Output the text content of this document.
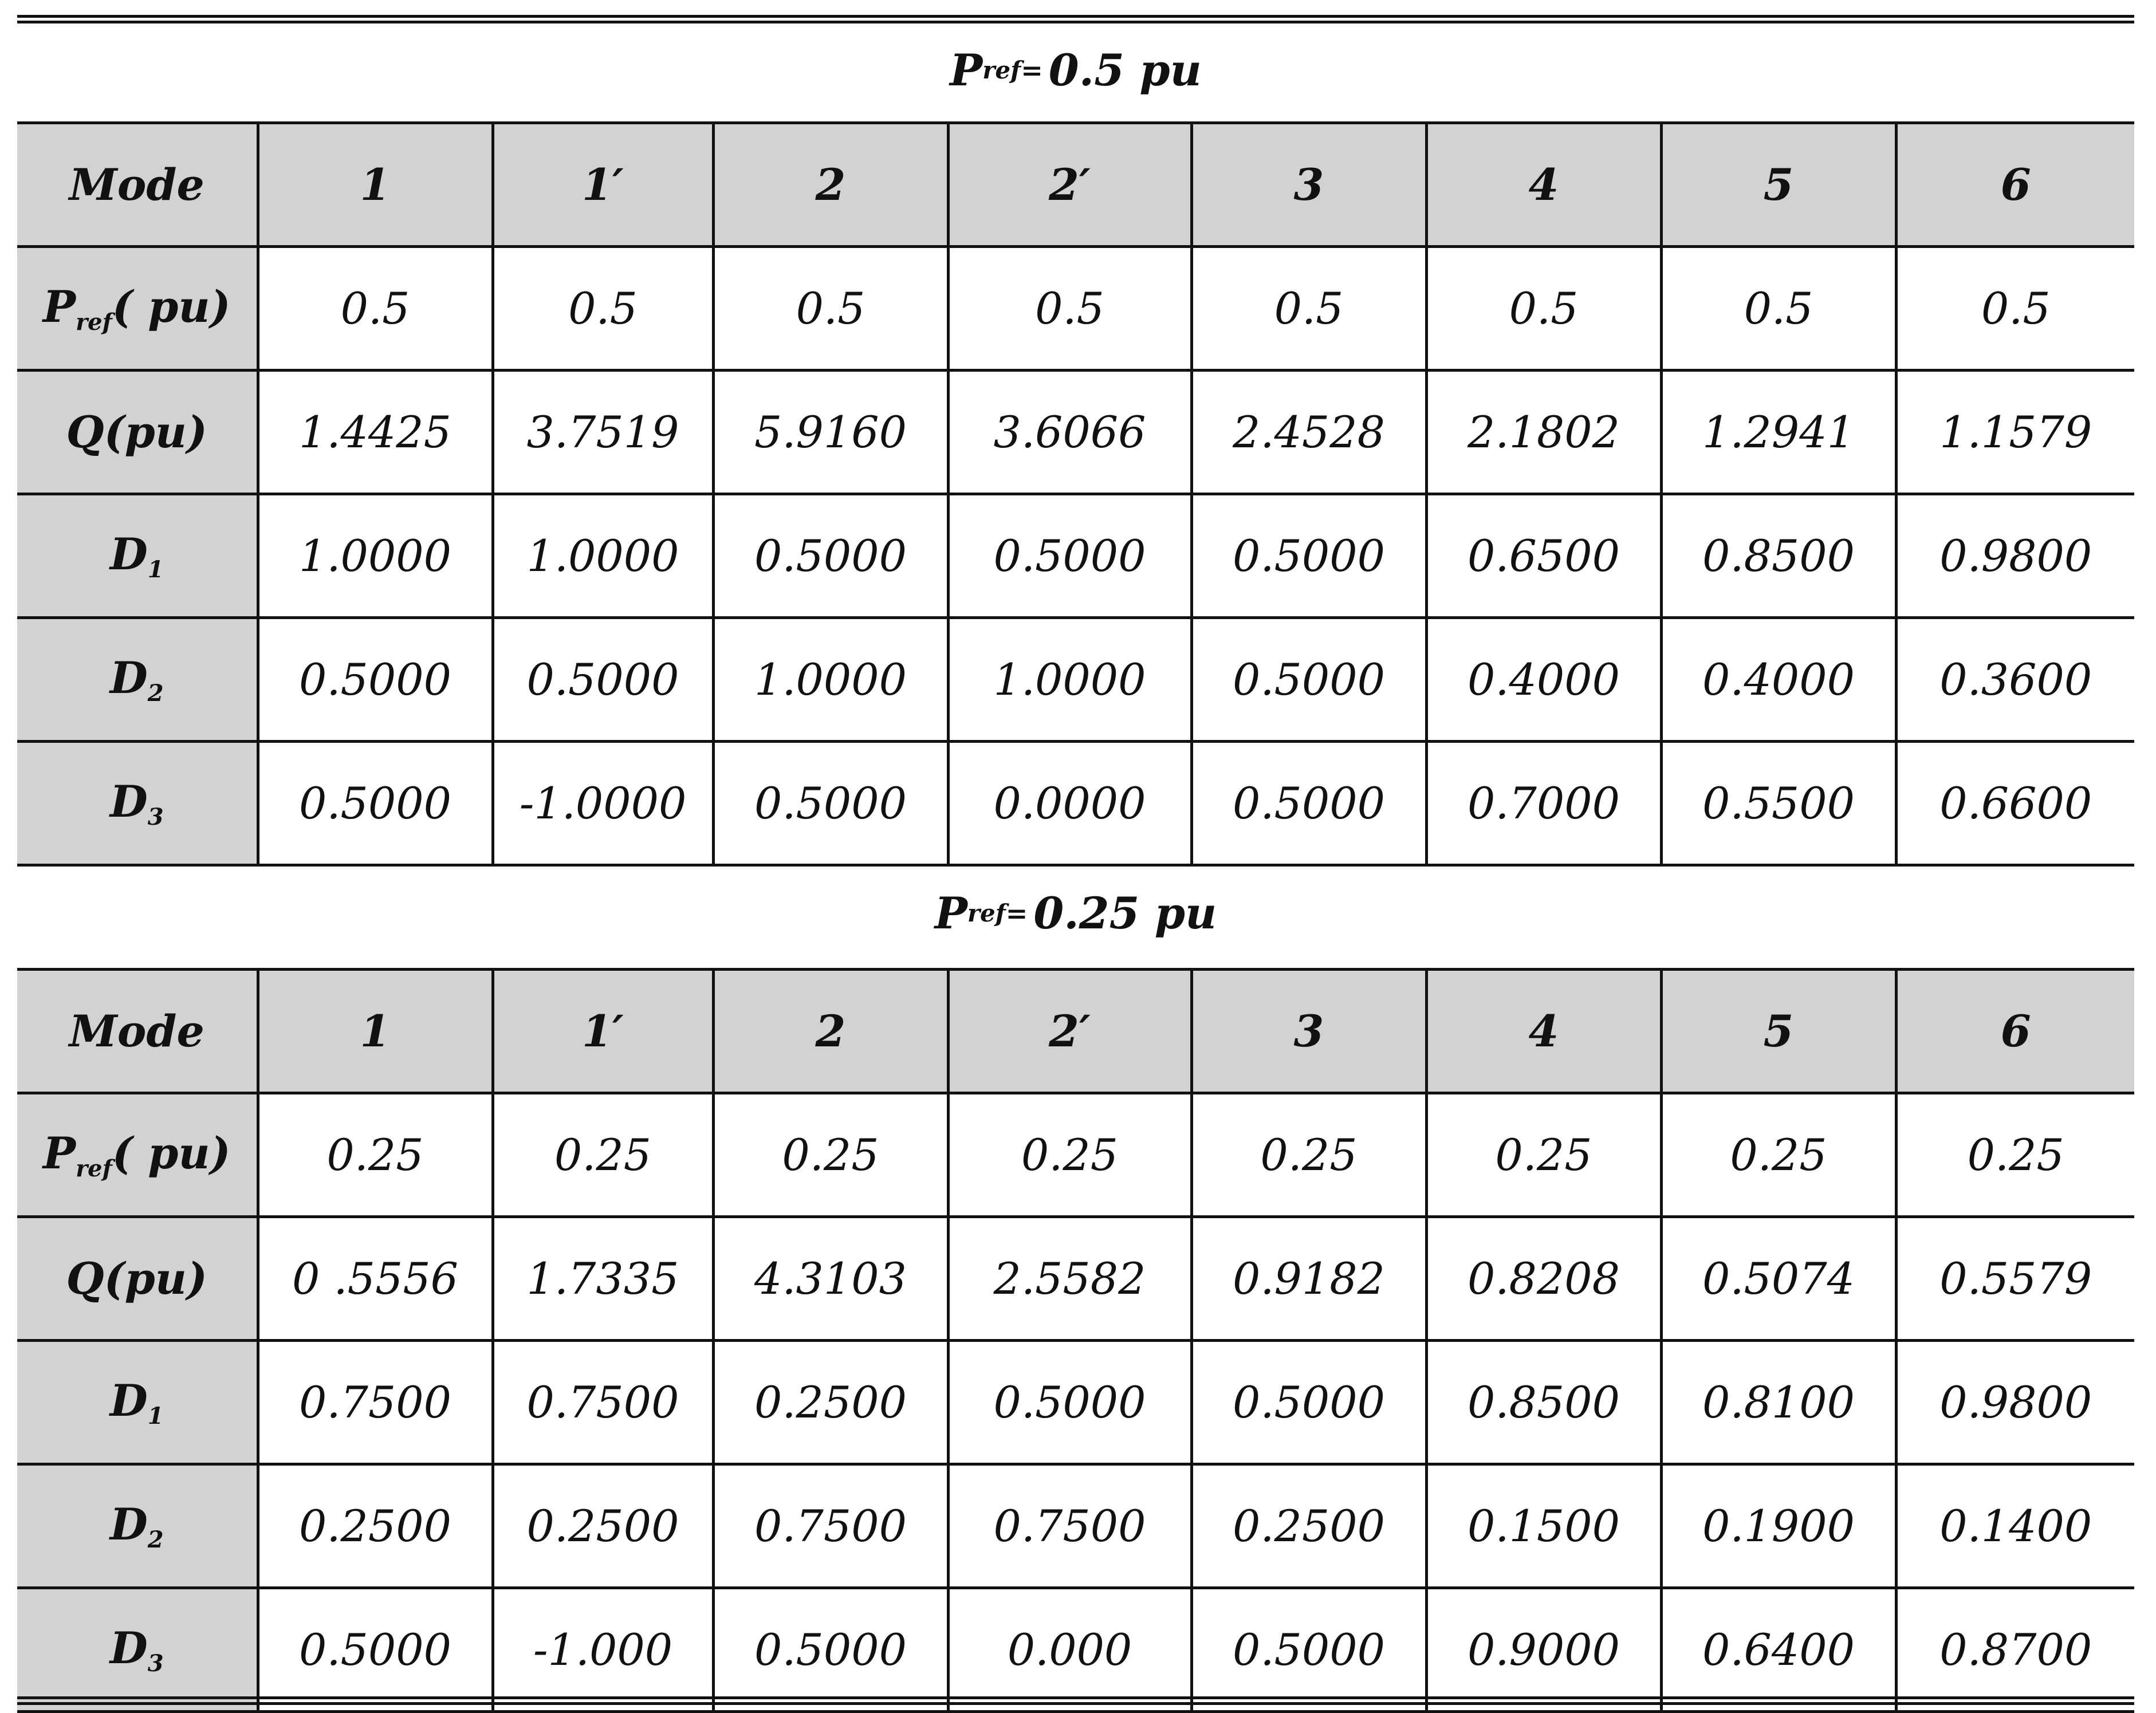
P ref = 0.5 pu
Mode	1	1′	2	2′	3	4	5	6
Pref( pu)	0.5	0.5	0.5	0.5	0.5	0.5	0.5	0.5
Q(pu)	1.4425	3.7519	5.9160	3.6066	2.4528	2.1802	1.2941	1.1579
D1	1.0000	1.0000	0.5000	0.5000	0.5000	0.6500	0.8500	0.9800
D2	0.5000	0.5000	1.0000	1.0000	0.5000	0.4000	0.4000	0.3600
D3	0.5000	-1.0000	0.5000	0.0000	0.5000	0.7000	0.5500	0.6600
P ref = 0.25 pu
Mode	1	1′	2	2′	3	4	5	6
Pref( pu)	0.25	0.25	0.25	0.25	0.25	0.25	0.25	0.25
Q(pu)	0 .5556	1.7335	4.3103	2.5582	0.9182	0.8208	0.5074	0.5579
D1	0.7500	0.7500	0.2500	0.5000	0.5000	0.8500	0.8100	0.9800
D2	0.2500	0.2500	0.7500	0.7500	0.2500	0.1500	0.1900	0.1400
D3	0.5000	-1.000	0.5000	0.000	0.5000	0.9000	0.6400	0.8700
